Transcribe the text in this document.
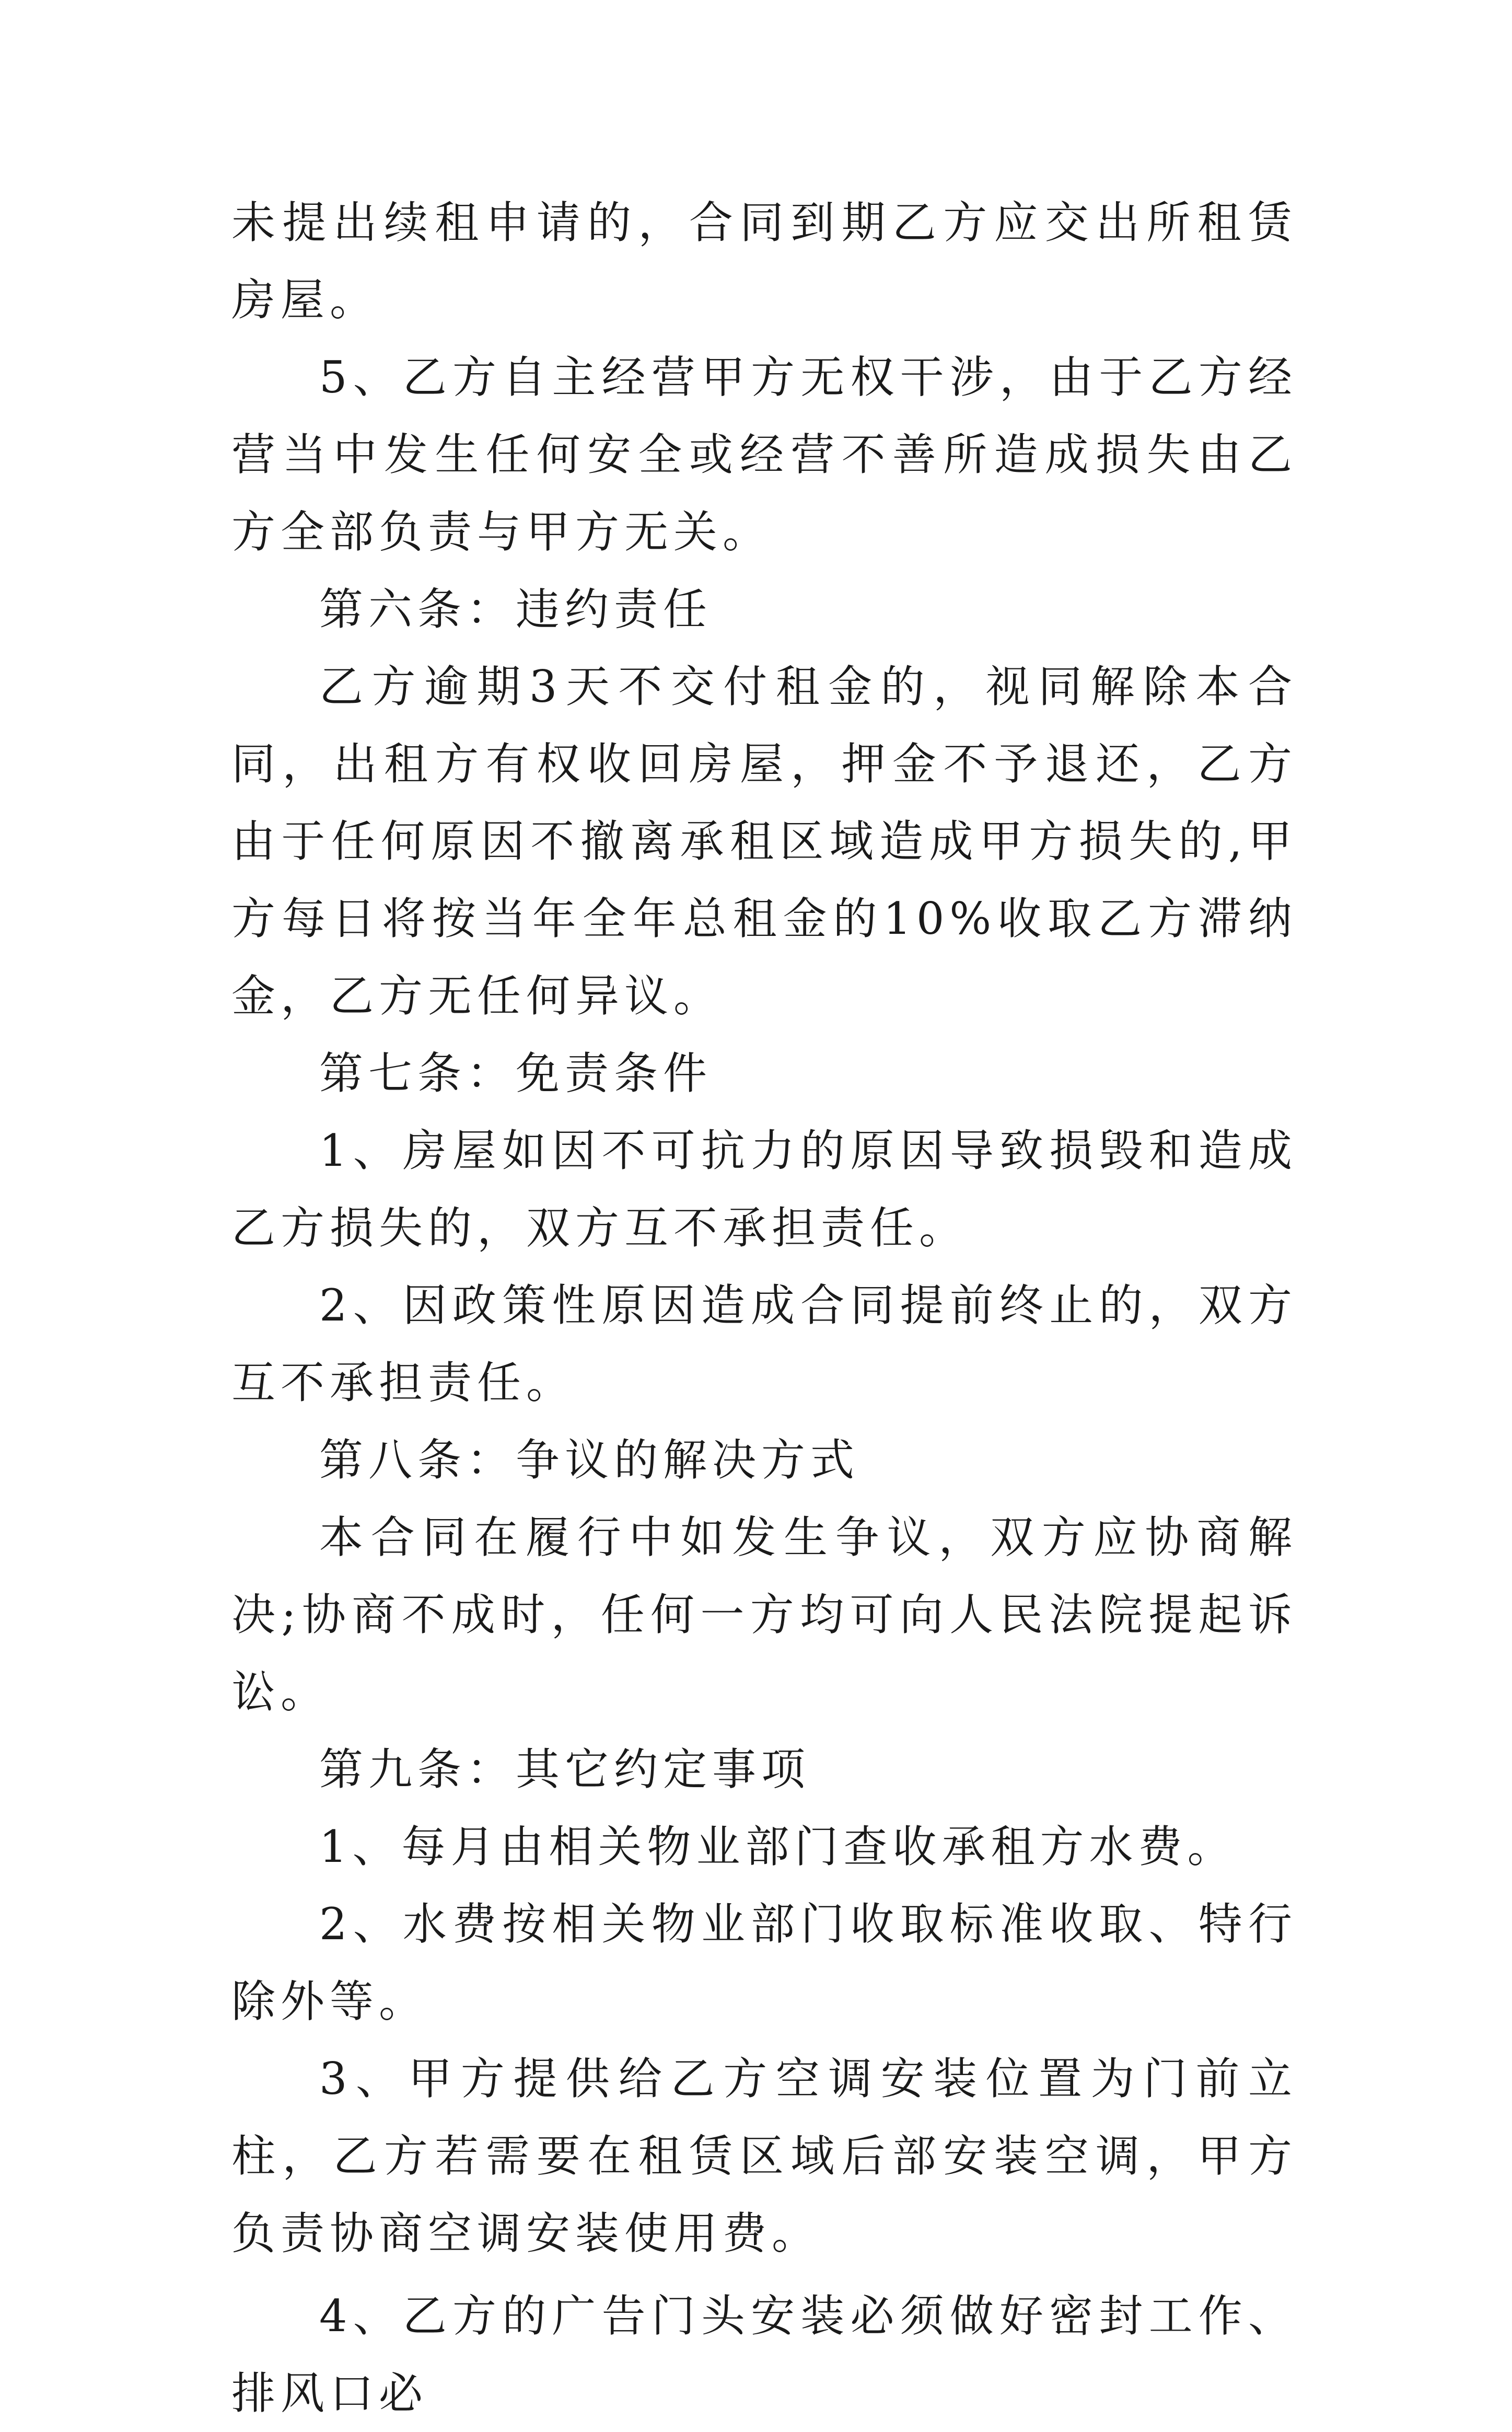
未提出续租申请的，合同到期乙方应交出所租赁房屋。

5、乙方自主经营甲方无权干涉，由于乙方经营当中发生任何安全或经营不善所造成损失由乙方全部负责与甲方无关。

第六条：违约责任

乙方逾期3天不交付租金的，视同解除本合同，出租方有权收回房屋，押金不予退还，乙方由于任何原因不撤离承租区域造成甲方损失的,甲方每日将按当年全年总租金的10%收取乙方滞纳金，乙方无任何异议。

第七条：免责条件

1、房屋如因不可抗力的原因导致损毁和造成乙方损失的，双方互不承担责任。

2、因政策性原因造成合同提前终止的，双方互不承担责任。

第八条：争议的解决方式

本合同在履行中如发生争议，双方应协商解决;协商不成时，任何一方均可向人民法院提起诉讼。

第九条：其它约定事项

1、每月由相关物业部门查收承租方水费。

2、水费按相关物业部门收取标准收取、特行除外等。

3、甲方提供给乙方空调安装位置为门前立柱，乙方若需要在租赁区域后部安装空调，甲方负责协商空调安装使用费。

4、乙方的广告门头安装必须做好密封工作、排风口必
